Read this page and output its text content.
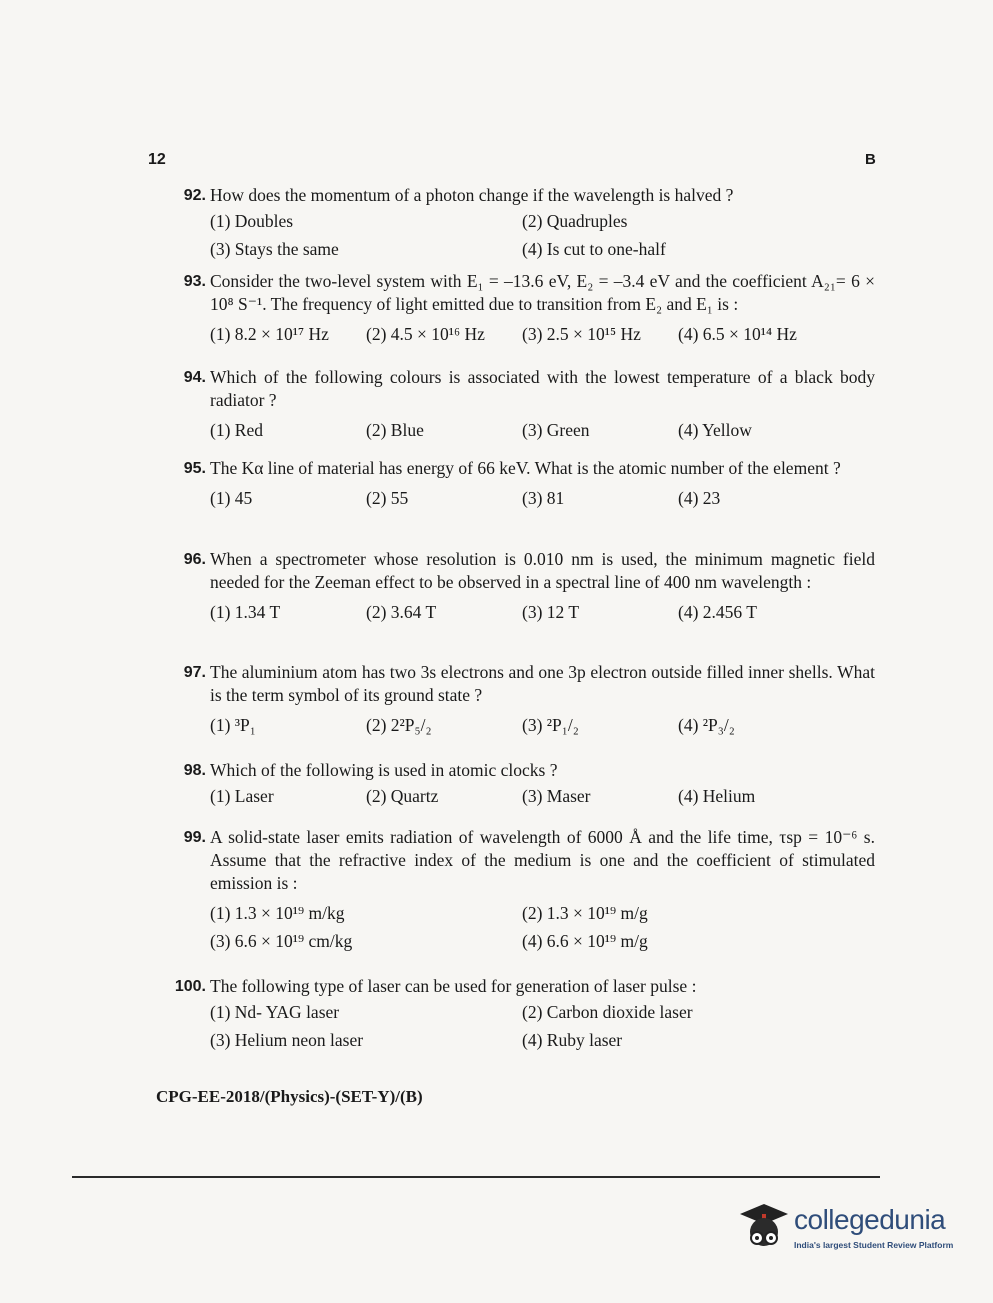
12	B
92. How does the momentum of a photon change if the wavelength is halved ?
(1) Doubles	(2) Quadruples
(3) Stays the same	(4) Is cut to one-half
93. Consider the two-level system with E₁ = –13.6 eV, E₂ = –3.4 eV and the coefficient A₂₁= 6 × 10⁸ S⁻¹. The frequency of light emitted due to transition from E₂ and E₁ is :
(1) 8.2 × 10¹⁷ Hz	(2) 4.5 × 10¹⁶ Hz	(3) 2.5 × 10¹⁵ Hz	(4) 6.5 × 10¹⁴ Hz
94. Which of the following colours is associated with the lowest temperature of a black body radiator ?
(1) Red	(2) Blue	(3) Green	(4) Yellow
95. The Kα line of material has energy of 66 keV. What is the atomic number of the element ?
(1) 45	(2) 55	(3) 81	(4) 23
96. When a spectrometer whose resolution is 0.010 nm is used, the minimum magnetic field needed for the Zeeman effect to be observed in a spectral line of 400 nm wavelength :
(1) 1.34 T	(2) 3.64 T	(3) 12 T	(4) 2.456 T
97. The aluminium atom has two 3s electrons and one 3p electron outside filled inner shells. What is the term symbol of its ground state ?
(1) ³P₁	(2) 2²P₅/₂	(3) ²P₁/₂	(4) ²P₃/₂
98. Which of the following is used in atomic clocks ?
(1) Laser	(2) Quartz	(3) Maser	(4) Helium
99. A solid-state laser emits radiation of wavelength of 6000 Å and the life time, τsp = 10⁻⁶ s. Assume that the refractive index of the medium is one and the coefficient of stimulated emission is :
(1) 1.3 × 10¹⁹ m/kg	(2) 1.3 × 10¹⁹ m/g
(3) 6.6 × 10¹⁹ cm/kg	(4) 6.6 × 10¹⁹ m/g
100. The following type of laser can be used for generation of laser pulse :
(1) Nd- YAG laser	(2) Carbon dioxide laser
(3) Helium neon laser	(4) Ruby laser
CPG-EE-2018/(Physics)-(SET-Y)/(B)
collegedunia
India's largest Student Review Platform
